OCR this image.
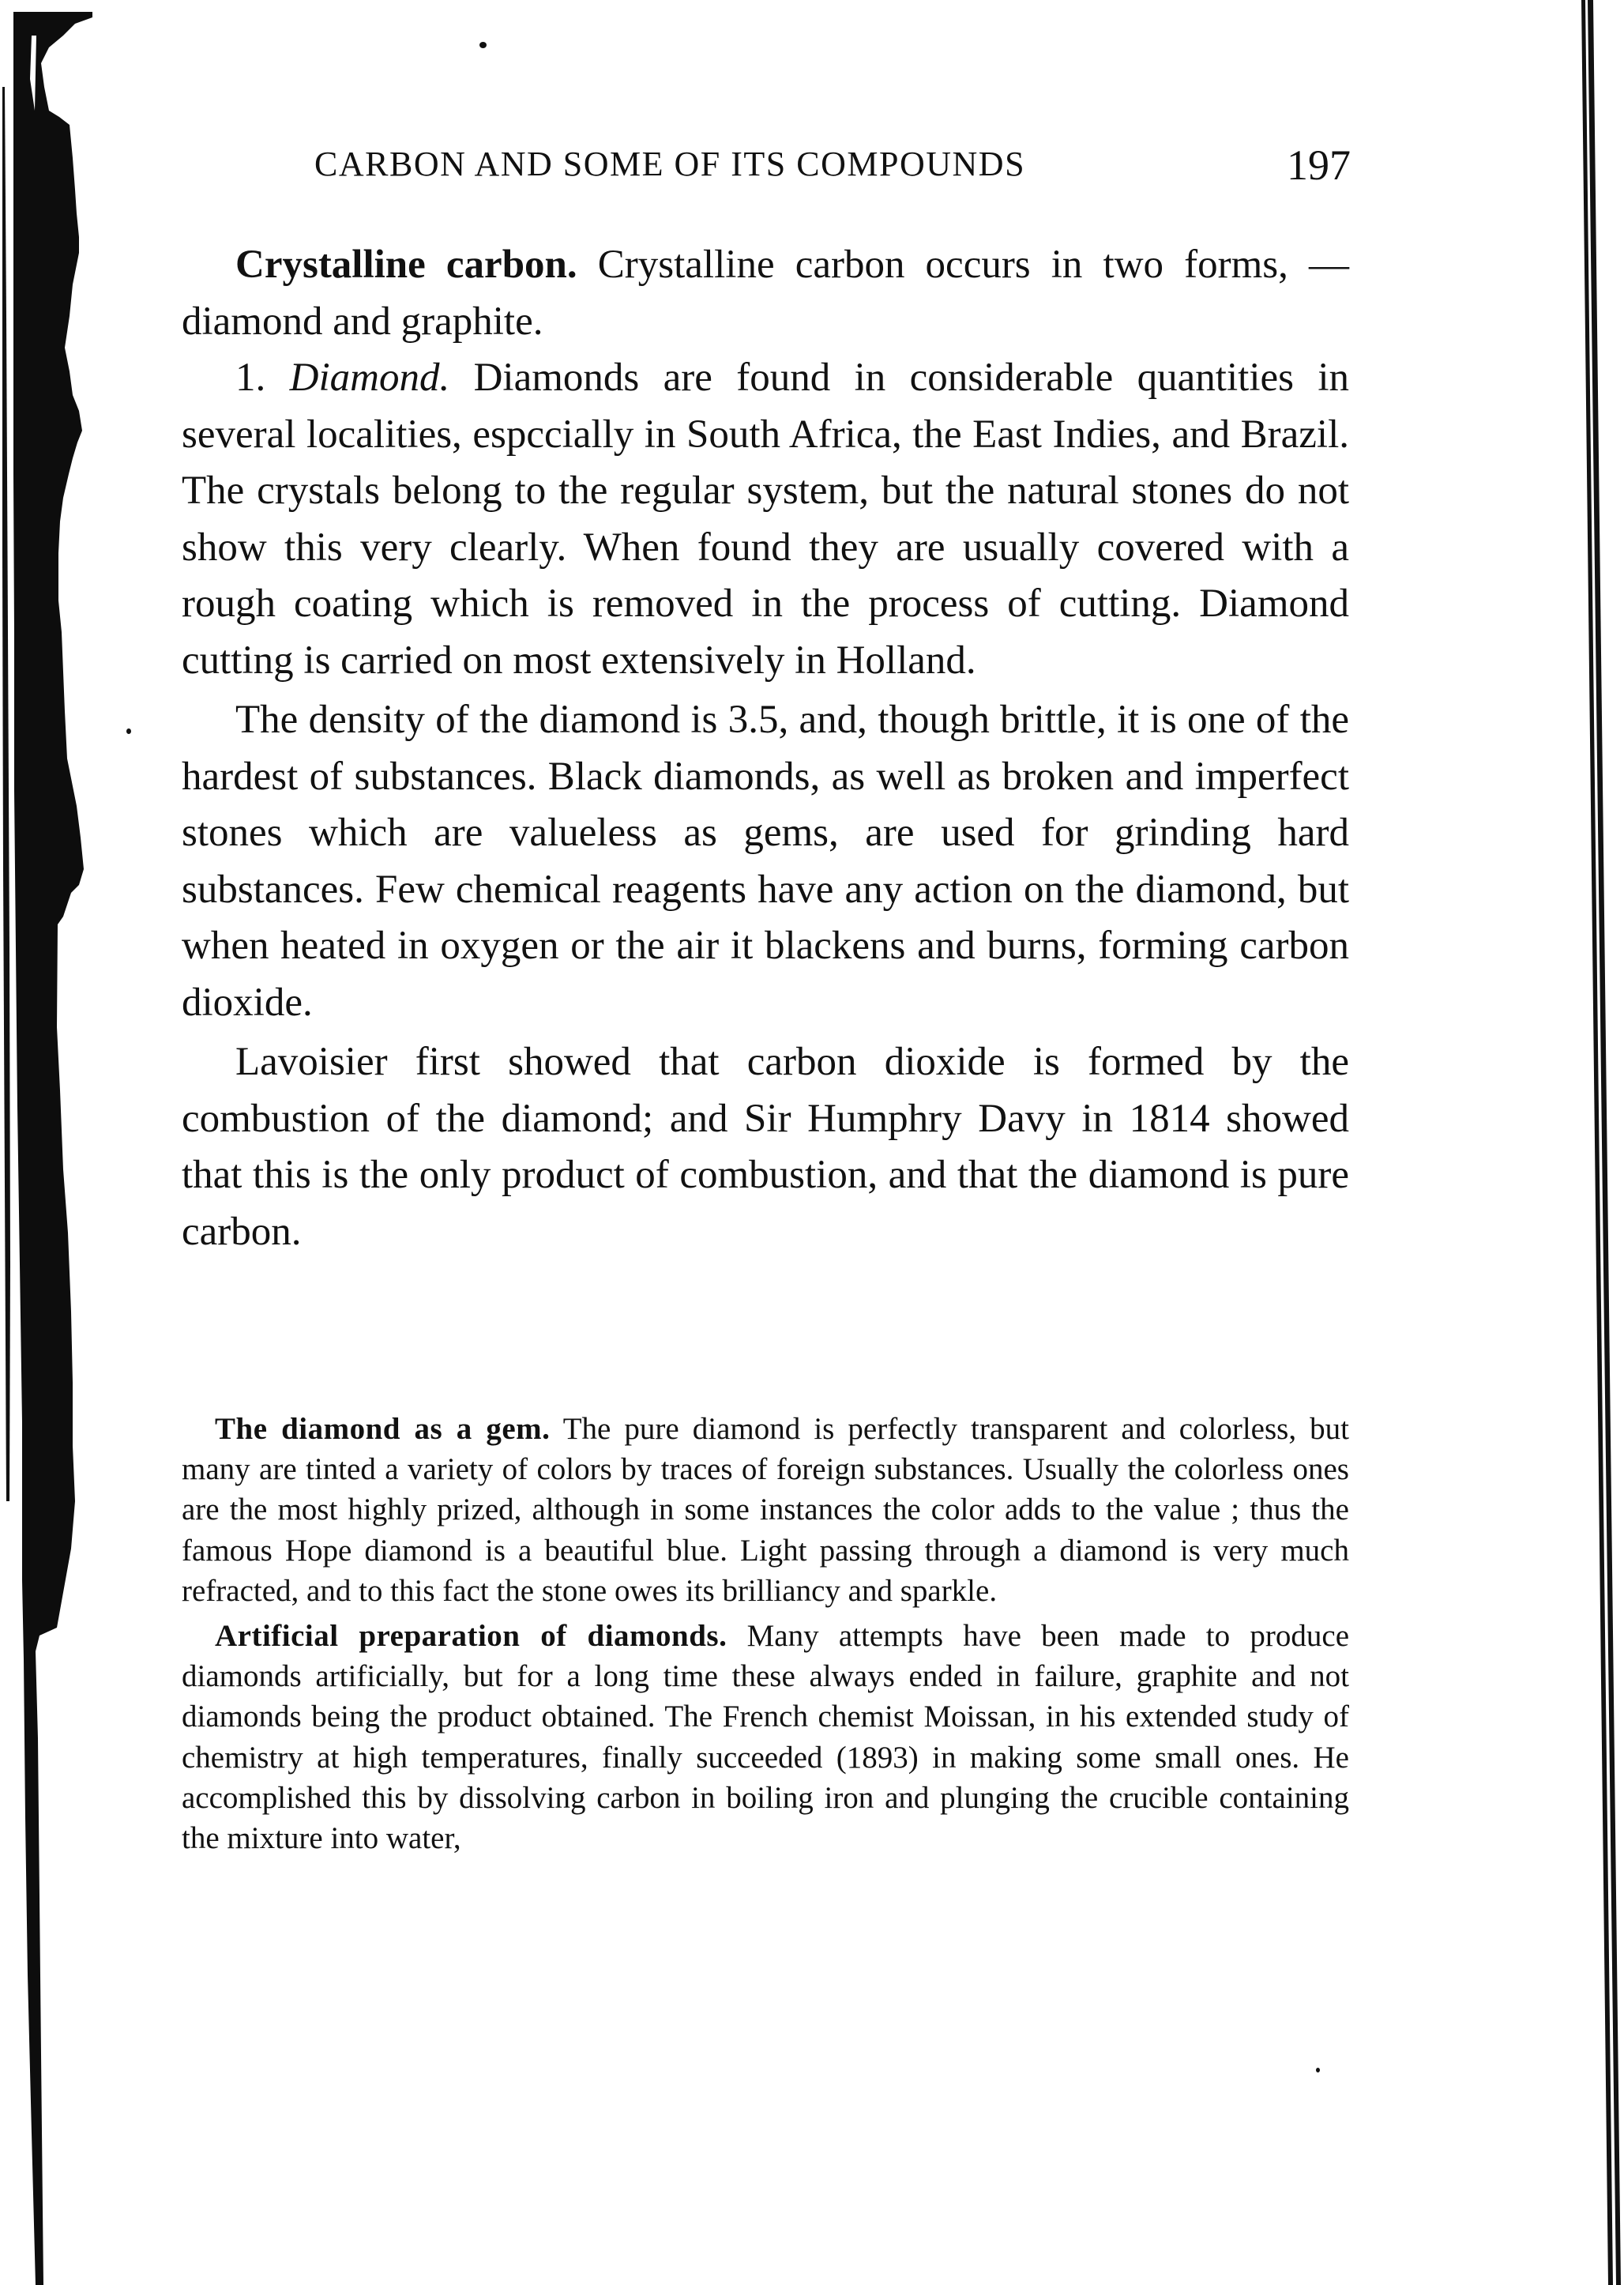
CARBON AND SOME OF ITS COMPOUNDS	197

Crystalline carbon. Crystalline carbon occurs in two forms, — diamond and graphite.

1. Diamond. Diamonds are found in considerable quantities in several localities, espccially in South Africa, the East Indies, and Brazil. The crystals belong to the regular system, but the natural stones do not show this very clearly. When found they are usually covered with a rough coating which is removed in the process of cutting. Diamond cutting is carried on most extensively in Holland.

The density of the diamond is 3.5, and, though brittle, it is one of the hardest of substances. Black diamonds, as well as broken and imperfect stones which are valueless as gems, are used for grinding hard substances. Few chemical reagents have any action on the diamond, but when heated in oxygen or the air it blackens and burns, forming carbon dioxide.

Lavoisier first showed that carbon dioxide is formed by the combustion of the diamond; and Sir Humphry Davy in 1814 showed that this is the only product of combustion, and that the diamond is pure carbon.

The diamond as a gem. The pure diamond is perfectly transparent and colorless, but many are tinted a variety of colors by traces of foreign substances. Usually the colorless ones are the most highly prized, although in some instances the color adds to the value ; thus the famous Hope diamond is a beautiful blue. Light passing through a diamond is very much refracted, and to this fact the stone owes its brilliancy and sparkle.

Artificial preparation of diamonds. Many attempts have been made to produce diamonds artificially, but for a long time these always ended in failure, graphite and not diamonds being the product obtained. The French chemist Moissan, in his extended study of chemistry at high temperatures, finally succeeded (1893) in making some small ones. He accomplished this by dissolving carbon in boiling iron and plunging the crucible containing the mixture into water,
